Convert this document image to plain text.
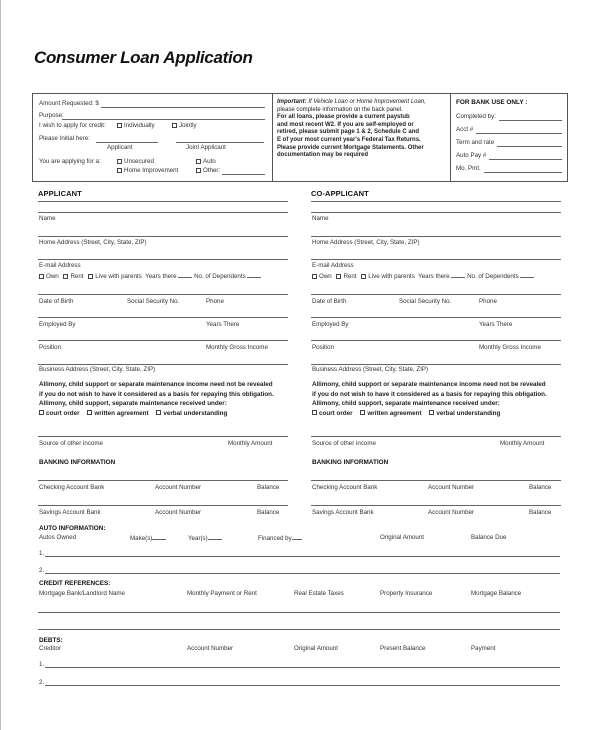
Consumer Loan Application
Amount Requested: $
Purpose:
I wish to apply for credit:	Individually	Jointly
Please Initial here:
Applicant	Joint Applicant
You are applying for a:	Unsecured	Auto
Home Improvement	Other:
Important: If Vehicle Loan or Home Improvement Loan,
please complete information on the back panel.
For all loans, please provide a current paystub
and most recent W2. If you are self-employed or
retired, please submit page 1 & 2, Schedule C and
E of your most current year's Federal Tax Returns.
Please provide current Mortgage Statements. Other
documentation may be required
FOR BANK USE ONLY :
Completed by:
Acct #
Term and rate
Auto Pay #
Mo. Pmt.
APPLICANT	CO-APPLICANT
Name
Home Address (Street, City, State, ZIP)
E-mail Address
Own Rent Live with parents Years there	No. of Dependents
Date of Birth	Social Security No.	Phone
Employed By	Years There
Position	Monthly Gross Income
Business Address (Street, City, State, ZIP)
Allimony, child support or separate maintenance income need not be revealed
if you do not wish to have it considered as a basis for repaying this obligation.
Allimony, child support, separate maintenance received under:
court order written agreement verbal understanding
Source of other income	Monthly Amount
BANKING INFORMATION
Checking Account Bank	Account Number	Balance
Savings Account Bank	Account Number	Balance
Name
Home Address (Street, City, State, ZIP)
E-mail Address
Own Rent Live with parents Years there	No. of Dependents
Date of Birth	Social Security No.	Phone
Employed By	Years There
Position	Monthly Gross Income
Business Address (Street, City, State, ZIP)
Allimony, child support or separate maintenance income need not be revealed
if you do not wish to have it considered as a basis for repaying this obligation.
Allimony, child support, separate maintenance received under:
court order written agreement verbal understanding
Source of other income	Monthly Amount
BANKING INFORMATION
Checking Account Bank	Account Number	Balance
Savings Account Bank	Account Number	Balance
AUTO INFORMATION:
Autos Owned	Make(s)	Year(s)	Financed by	Original Amount	Balance Due
1.
2.
CREDIT REFERENCES:
Mortgage Bank/Landlord Name	Monthly Payment or Rent	Real Estate Taxes	Property Insurance	Mortgage Balance
DEBTS:
Creditor	Account Number	Original Amount	Present Balance	Payment
1.
2.
